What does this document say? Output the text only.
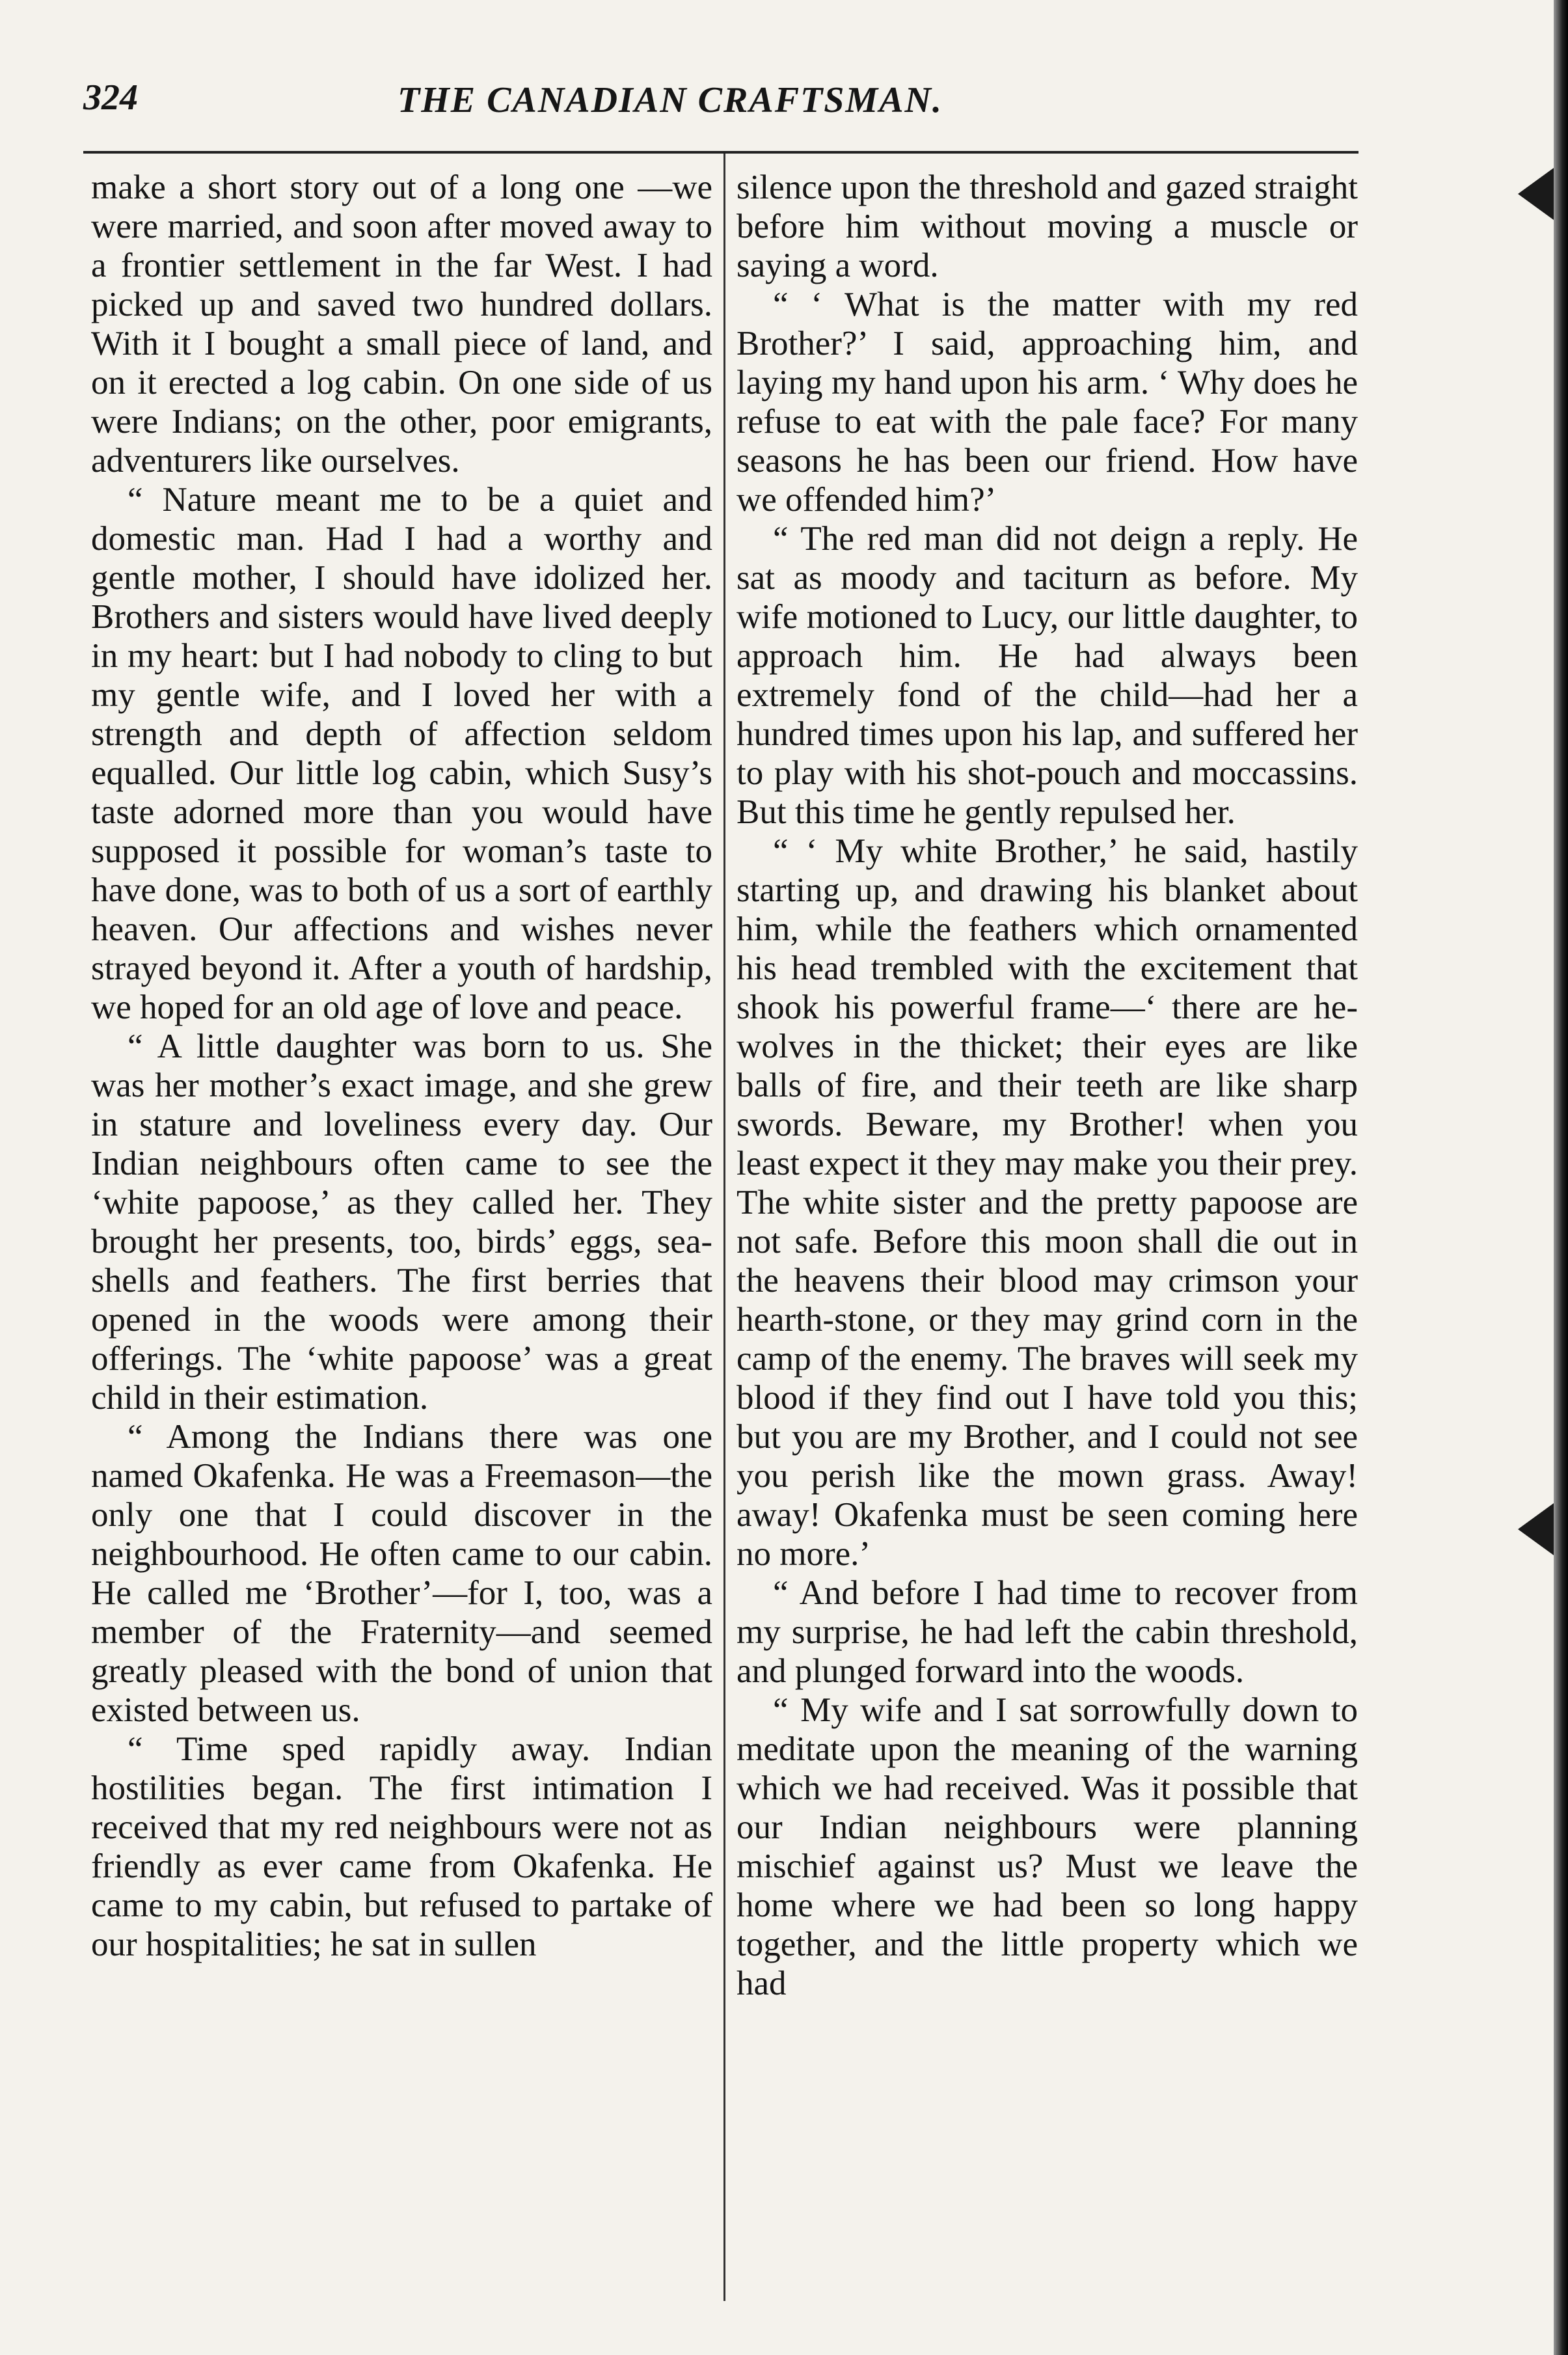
324	THE CANADIAN CRAFTSMAN.

make a short story out of a long one —we were married, and soon after moved away to a frontier settlement in the far West. I had picked up and saved two hundred dollars. With it I bought a small piece of land, and on it erected a log cabin. On one side of us were Indians; on the other, poor emigrants, adventurers like ourselves.

“ Nature meant me to be a quiet and domestic man. Had I had a worthy and gentle mother, I should have idolized her. Brothers and sisters would have lived deeply in my heart: but I had nobody to cling to but my gentle wife, and I loved her with a strength and depth of affection seldom equalled. Our little log cabin, which Susy’s taste adorned more than you would have supposed it possible for woman’s taste to have done, was to both of us a sort of earthly heaven. Our affections and wishes never strayed beyond it. After a youth of hardship, we hoped for an old age of love and peace.

“ A little daughter was born to us. She was her mother’s exact image, and she grew in stature and loveliness every day. Our Indian neighbours often came to see the ‘white papoose,’ as they called her. They brought her presents, too, birds’ eggs, sea-shells and feathers. The first berries that opened in the woods were among their offerings. The ‘white papoose’ was a great child in their estimation.

“ Among the Indians there was one named Okafenka. He was a Freemason—the only one that I could discover in the neighbourhood. He often came to our cabin. He called me ‘Brother’—for I, too, was a member of the Fraternity—and seemed greatly pleased with the bond of union that existed between us.

“ Time sped rapidly away. Indian hostilities began. The first intimation I received that my red neighbours were not as friendly as ever came from Okafenka. He came to my cabin, but refused to partake of our hospitalities; he sat in sullen

silence upon the threshold and gazed straight before him without moving a muscle or saying a word.

“ ‘ What is the matter with my red Brother?’ I said, approaching him, and laying my hand upon his arm. ‘ Why does he refuse to eat with the pale face? For many seasons he has been our friend. How have we offended him?’

“ The red man did not deign a reply. He sat as moody and taciturn as before. My wife motioned to Lucy, our little daughter, to approach him. He had always been extremely fond of the child—had her a hundred times upon his lap, and suffered her to play with his shot-pouch and moccassins. But this time he gently repulsed her.

“ ‘ My white Brother,’ he said, hastily starting up, and drawing his blanket about him, while the feathers which ornamented his head trembled with the excitement that shook his powerful frame—‘ there are he-wolves in the thicket; their eyes are like balls of fire, and their teeth are like sharp swords. Beware, my Brother! when you least expect it they may make you their prey. The white sister and the pretty papoose are not safe. Before this moon shall die out in the heavens their blood may crimson your hearth-stone, or they may grind corn in the camp of the enemy. The braves will seek my blood if they find out I have told you this; but you are my Brother, and I could not see you perish like the mown grass. Away! away! Okafenka must be seen coming here no more.’

“ And before I had time to recover from my surprise, he had left the cabin threshold, and plunged forward into the woods.

“ My wife and I sat sorrowfully down to meditate upon the meaning of the warning which we had received. Was it possible that our Indian neighbours were planning mischief against us? Must we leave the home where we had been so long happy together, and the little property which we had
